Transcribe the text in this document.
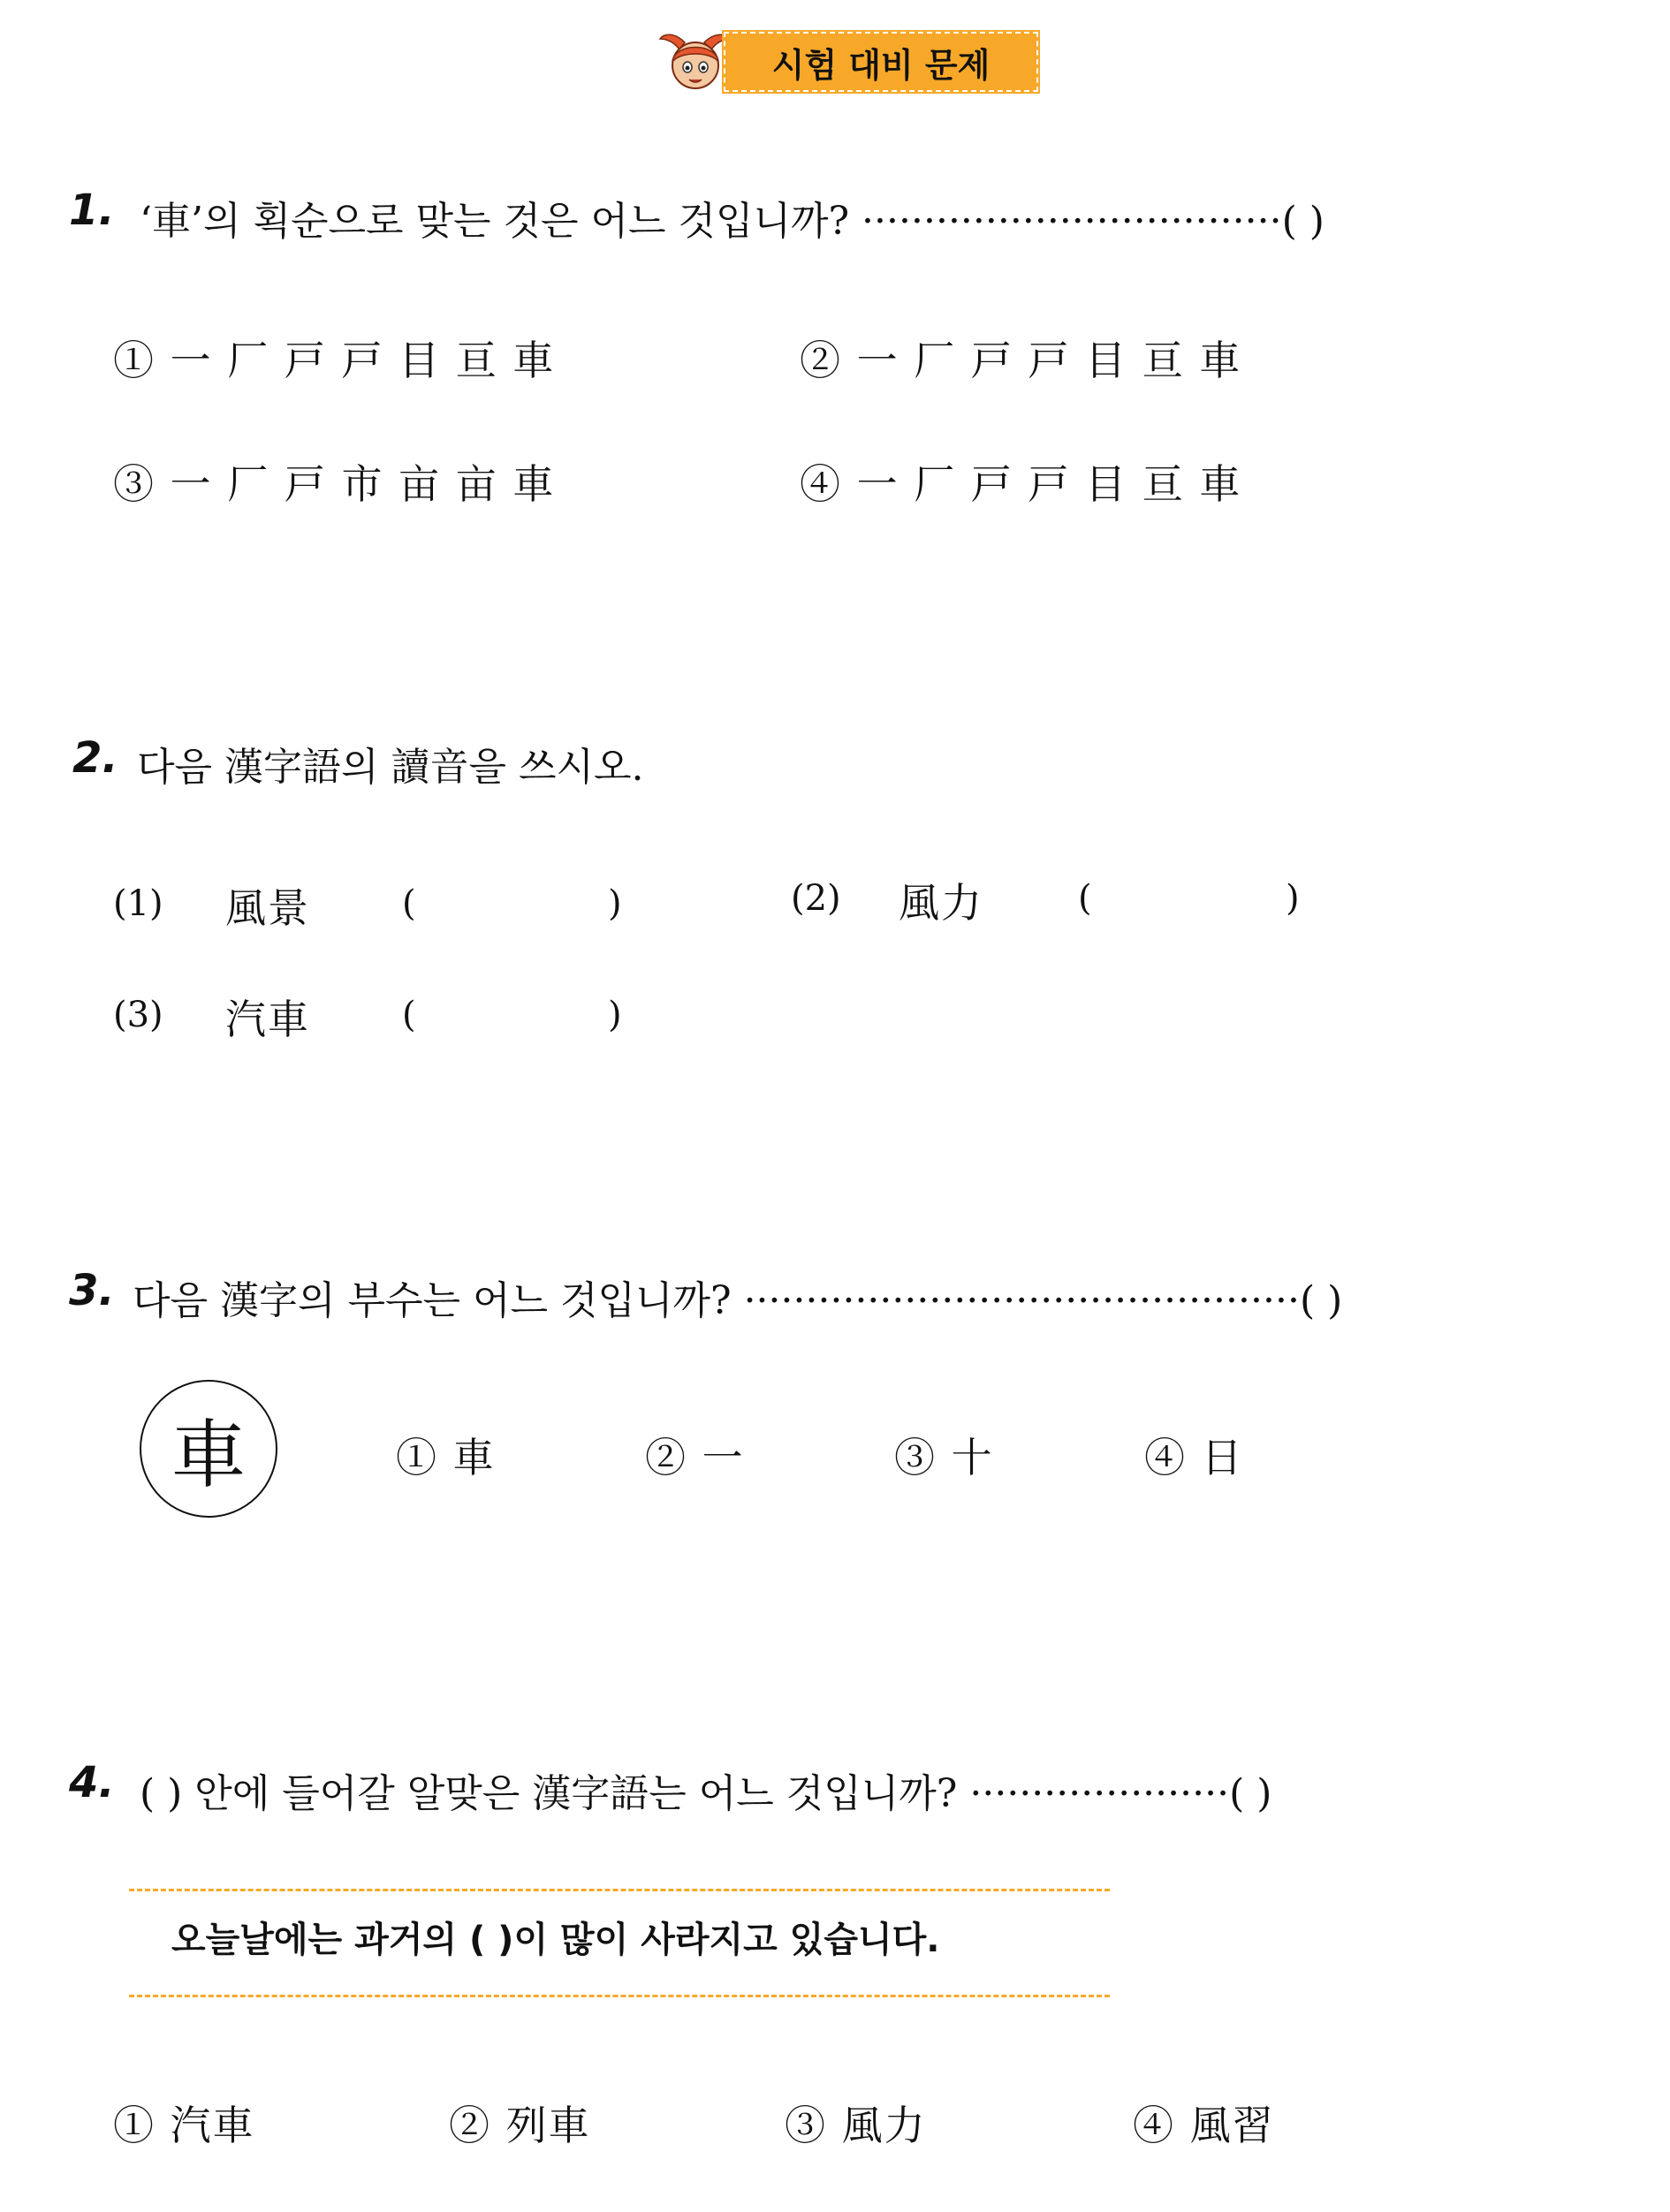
시험 대비 문제
1. ‘車’의 획순으로 맞는 것은 어느 것입니까? ··································( )
① 一 厂 戸 戸 目 亘 車	② 一 厂 戸 戸 目 亘 車
③ 一 厂 戸 市 亩 亩 車	④ 一 厂 戸 戸 目 亘 車
2. 다음 漢字語의 讀音을 쓰시오.
(1) 風景	(	)	(2) 風力	(	)
(3) 汽車	(	)
3. 다음 漢字의 부수는 어느 것입니까? ·············································( )
車	① 車	② 一	③ 十	④ 日
4. ( ) 안에 들어갈 알맞은 漢字語는 어느 것입니까? ·····················( )
오늘날에는 과거의 ( )이 많이 사라지고 있습니다.
① 汽車	② 列車	③ 風力	④ 風習
